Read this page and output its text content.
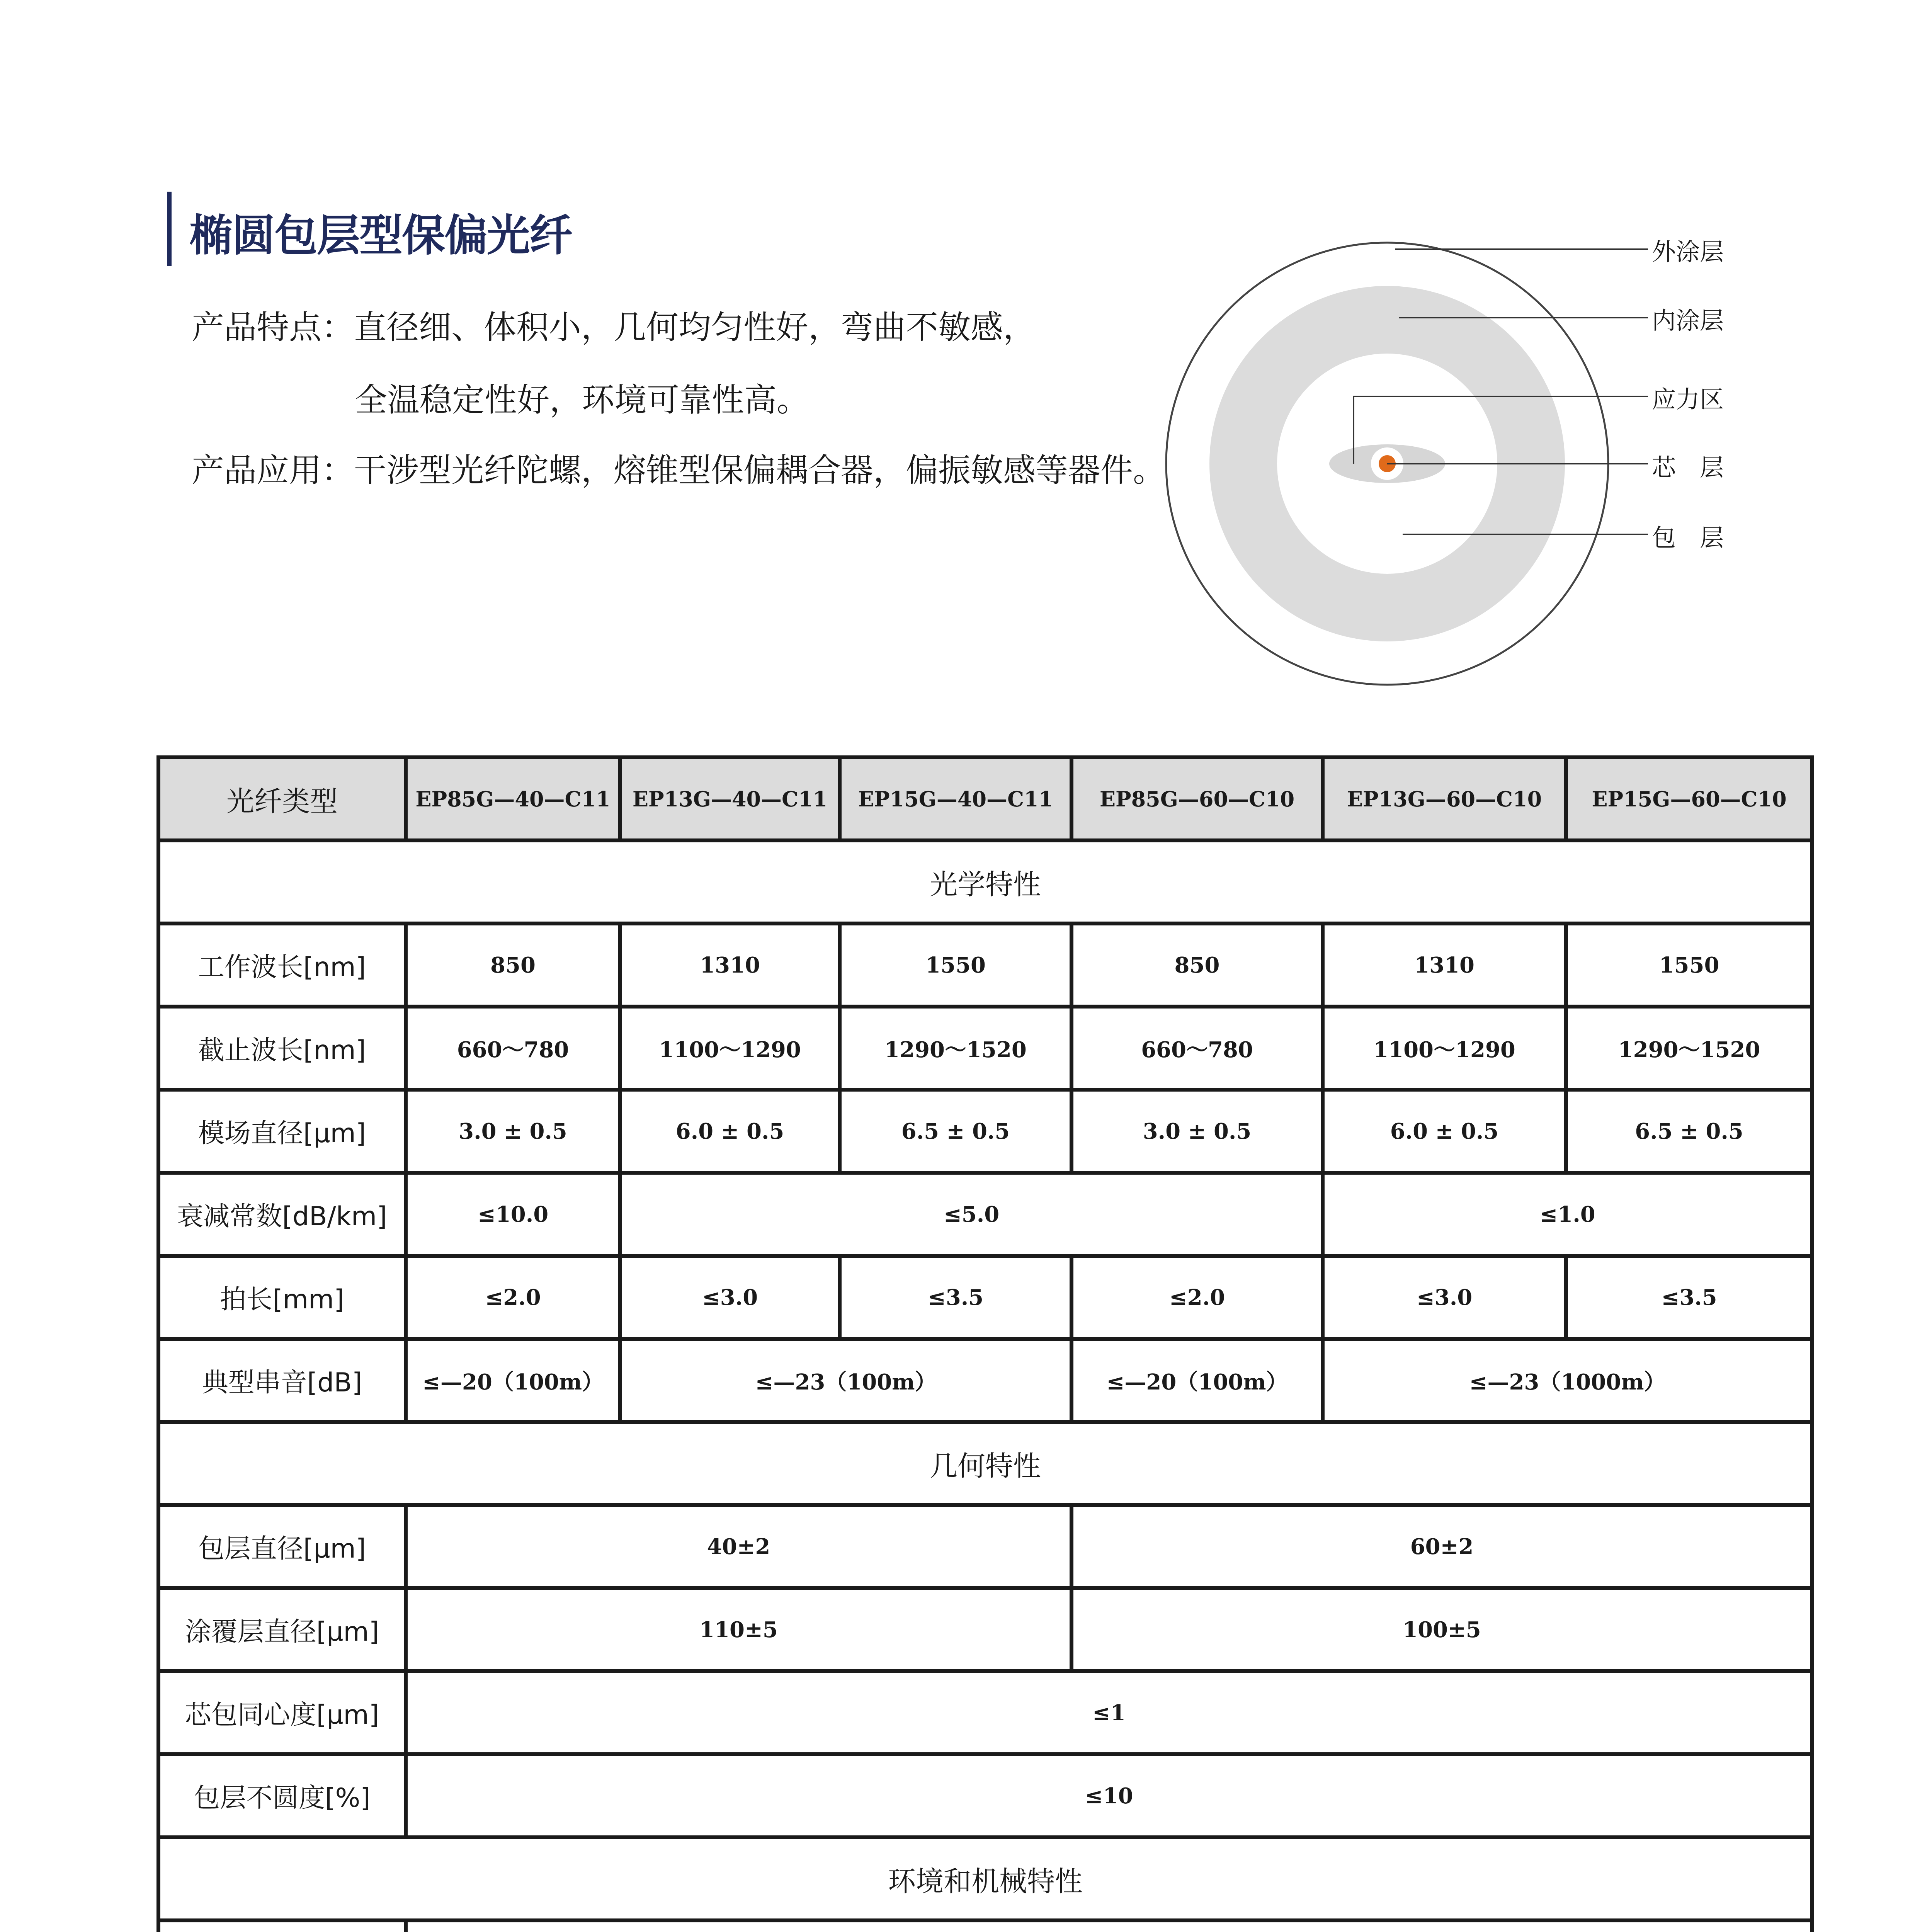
椭圆包层型保偏光纤
产品特点：直径细、体积小，几何均匀性好，弯曲不敏感，
全温稳定性好，环境可靠性高。
产品应用：干涉型光纤陀螺，熔锥型保偏耦合器，偏振敏感等器件。
外涂层
内涂层
应力区
芯　层
包　层
光纤类型	EP85G—40—C11	EP13G—40—C11	EP15G—40—C11	EP85G—60—C10	EP13G—60—C10	EP15G—60—C10
光学特性						
工作波长[nm]	850	1310	1550	850	1310	1550
截止波长[nm]	660～780	1100～1290	1290～1520	660～780	1100～1290	1290～1520
模场直径[μm]	3.0 ± 0.5	6.0 ± 0.5	6.5 ± 0.5	3.0 ± 0.5	6.0 ± 0.5	6.5 ± 0.5
衰减常数[dB/km]	≤10.0	≤5.0			≤1.0	
拍长[mm]	≤2.0	≤3.0	≤3.5	≤2.0	≤3.0	≤3.5
典型串音[dB]	≤—20（100m）	≤—23（100m）		≤—20（100m）	≤—23（1000m）	
几何特性						
包层直径[μm]	40±2			60±2		
涂覆层直径[μm]	110±5			100±5		
芯包同心度[μm]	≤1					
包层不圆度[%]	≤10					
环境和机械特性						
